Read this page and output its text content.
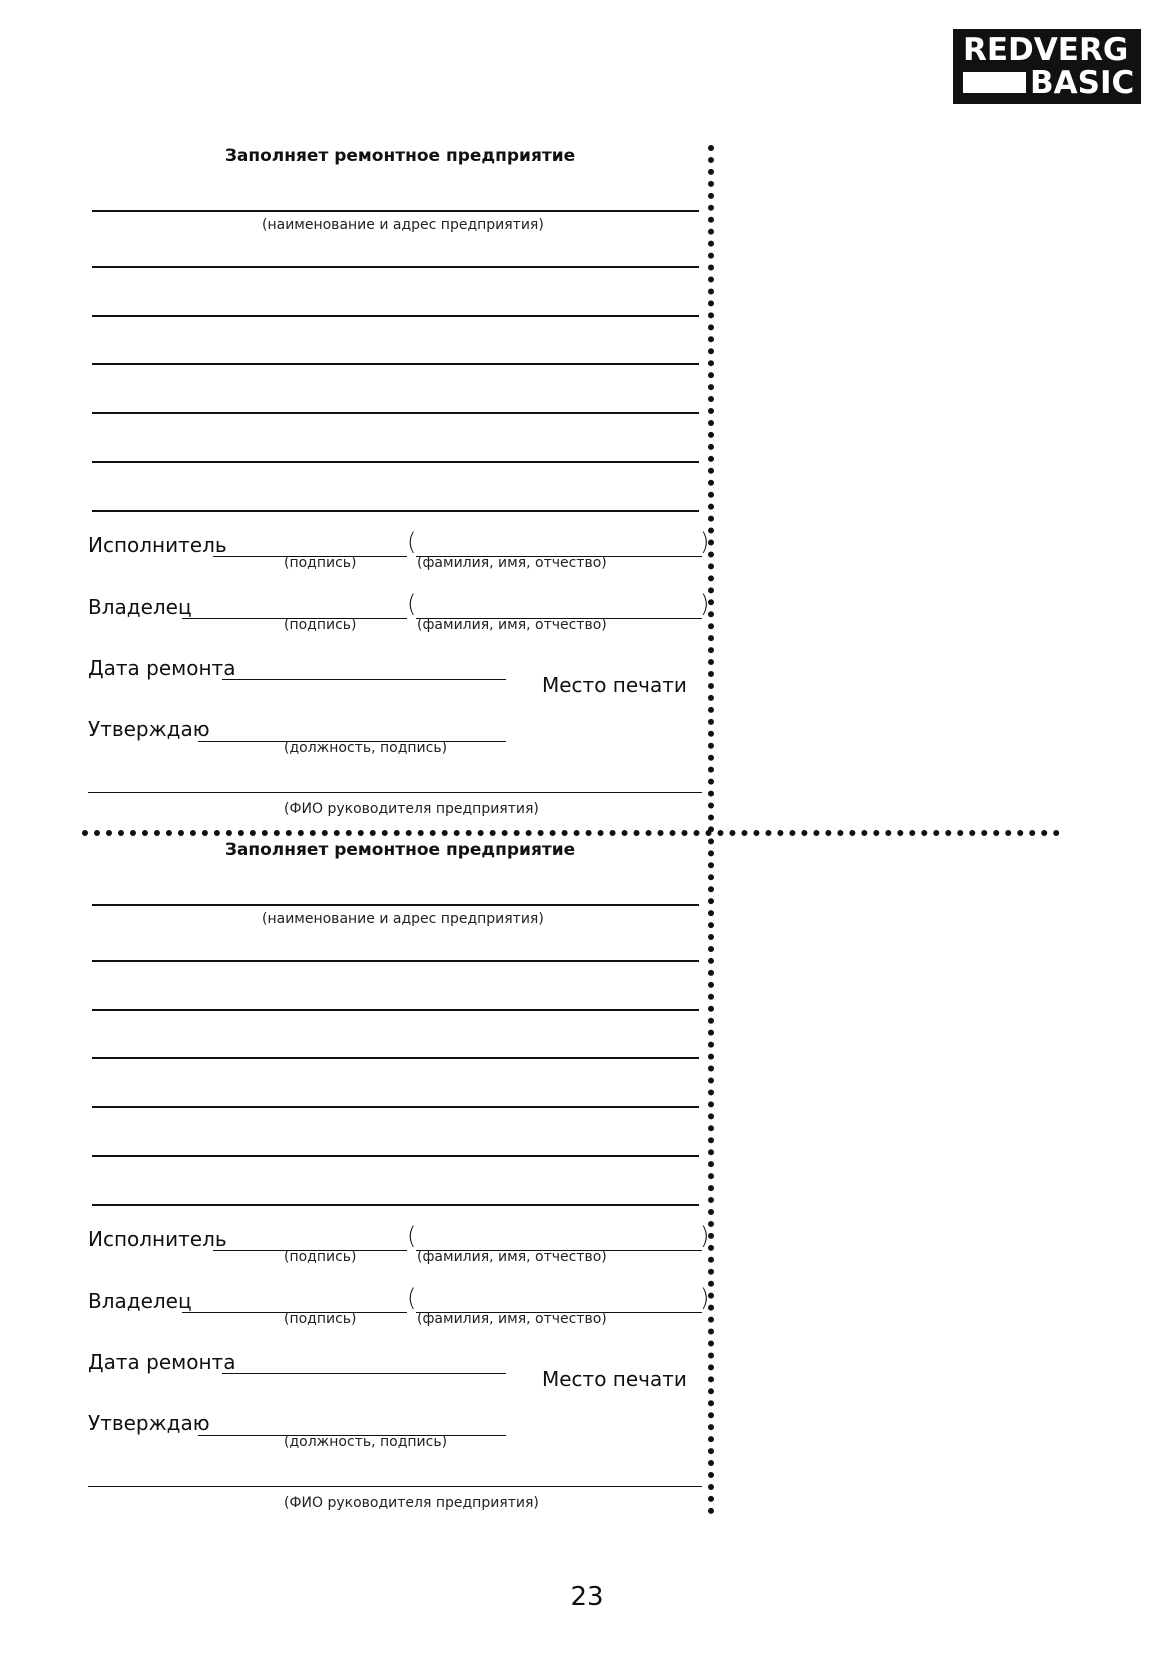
REDVERG
BASIC
Заполняет ремонтное предприятие
(наименование и адрес предприятия)
Исполнитель	(	)
(подпись)	(фамилия, имя, отчество)
Владелец	(	)
(подпись)	(фамилия, имя, отчество)
Дата ремонта
Место печати
Утверждаю
(должность, подпись)
(ФИО руководителя предприятия)
Заполняет ремонтное предприятие
(наименование и адрес предприятия)
Исполнитель	(	)
(подпись)	(фамилия, имя, отчество)
Владелец	(	)
(подпись)	(фамилия, имя, отчество)
Дата ремонта
Место печати
Утверждаю
(должность, подпись)
(ФИО руководителя предприятия)
23
